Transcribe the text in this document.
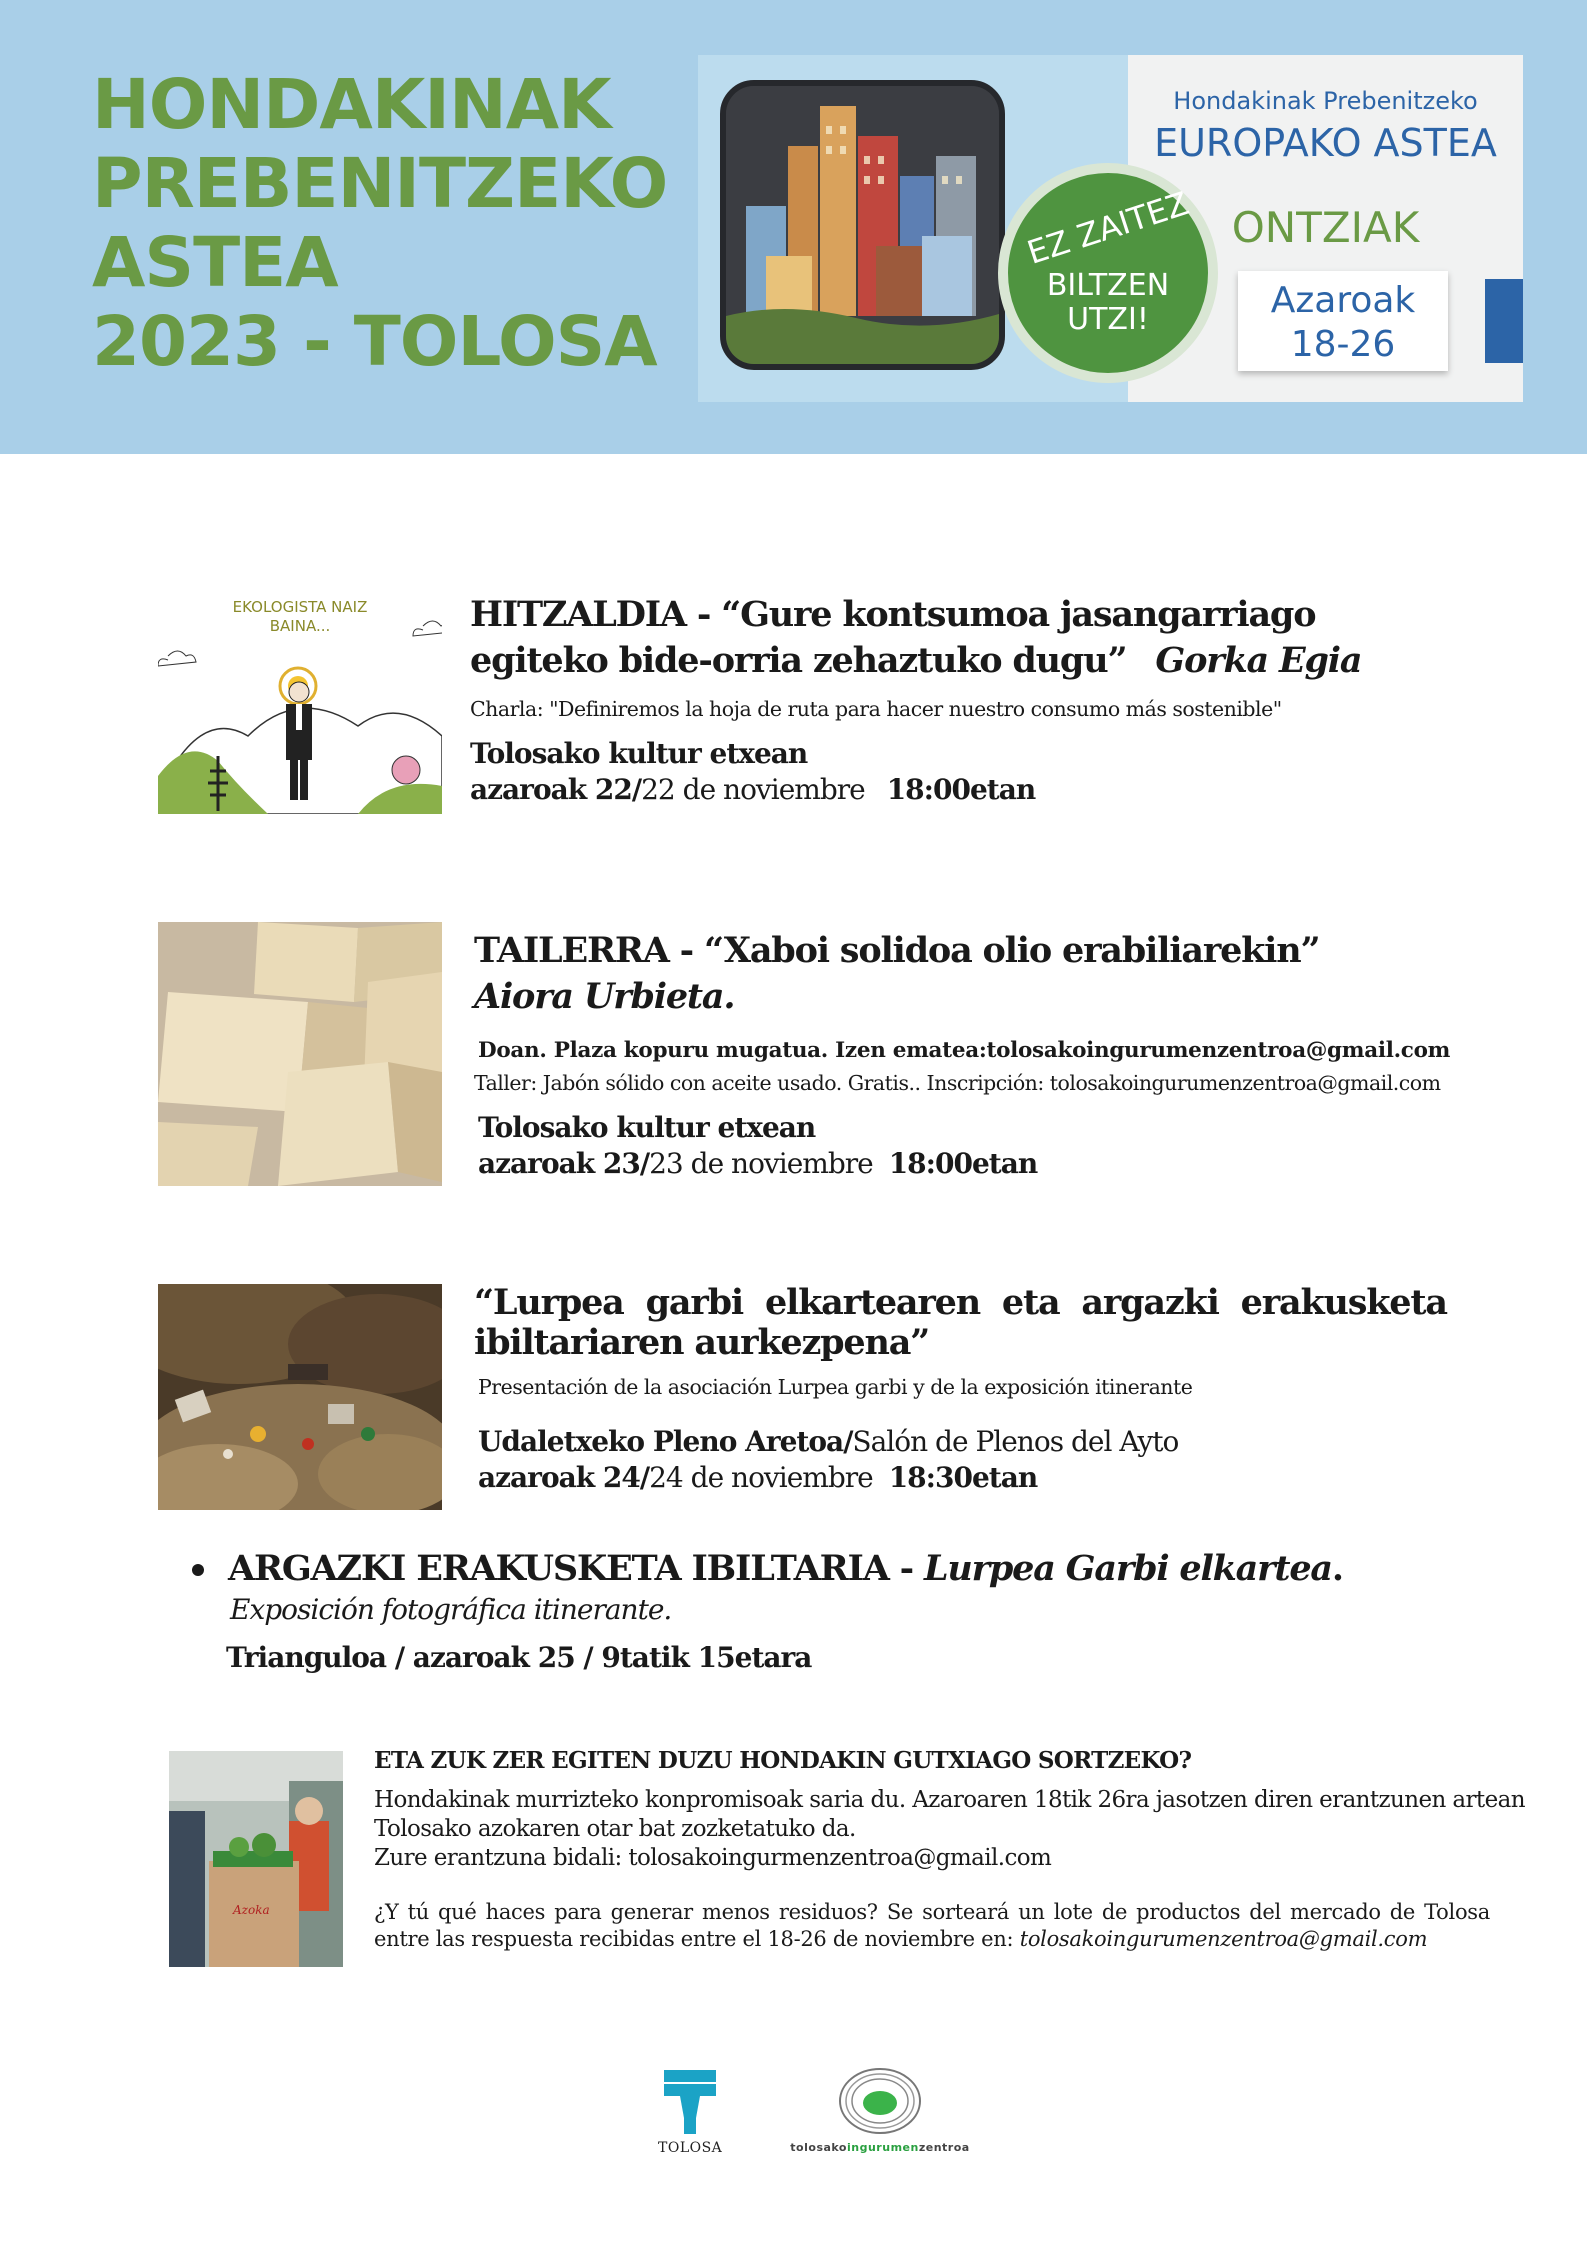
HONDAKINAK
PREBENITZEKO
ASTEA
2023 - TOLOSA
Hondakinak Prebenitzeko
EUROPAKO ASTEA
ONTZIAK
Azaroak
18-26
EZ ZAITEZ
BILTZEN
UTZI!
EKOLOGISTA NAIZ
BAINA...	HITZALDIA - “Gure kontsumoa jasangarriago
egiteko bide-orria zehaztuko dugu” Gorka Egia
Charla: "Definiremos la hoja de ruta para hacer nuestro consumo más sostenible"
Tolosako kultur etxean
azaroak 22/22 de noviembre 18:00etan
TAILERRA - “Xaboi solidoa olio erabiliarekin”
Aiora Urbieta.
Doan. Plaza kopuru mugatua. Izen ematea:tolosakoingurumenzentroa@gmail.com
Taller: Jabón sólido con aceite usado. Gratis.. Inscripción: tolosakoingurumenzentroa@gmail.com
Tolosako kultur etxean
azaroak 23/23 de noviembre 18:00etan
“Lurpea  garbi  elkartearen  eta  argazki  erakusketa
ibiltariaren aurkezpena”
Presentación de la asociación Lurpea garbi y de la exposición itinerante
Udaletxeko Pleno Aretoa/Salón de Plenos del Ayto
azaroak 24/24 de noviembre 18:30etan
ARGAZKI ERAKUSKETA IBILTARIA - Lurpea Garbi elkartea.
Exposición fotográfica itinerante.
Trianguloa / azaroak 25 / 9tatik 15etara
Azoka
ETA ZUK ZER EGITEN DUZU HONDAKIN GUTXIAGO SORTZEKO?
Hondakinak murrizteko konpromisoak saria du. Azaroaren 18tik 26ra jasotzen diren erantzunen artean
Tolosako azokaren otar bat zozketatuko da.
Zure erantzuna bidali: tolosakoingurmenzentroa@gmail.com
¿Y tú qué haces para generar menos residuos? Se sorteará un lote de productos del mercado de Tolosa entre las respuesta recibidas entre el 18-26 de noviembre en: tolosakoingurumenzentroa@gmail.com
TOLOSA	tolosakoingurumenzentroa
